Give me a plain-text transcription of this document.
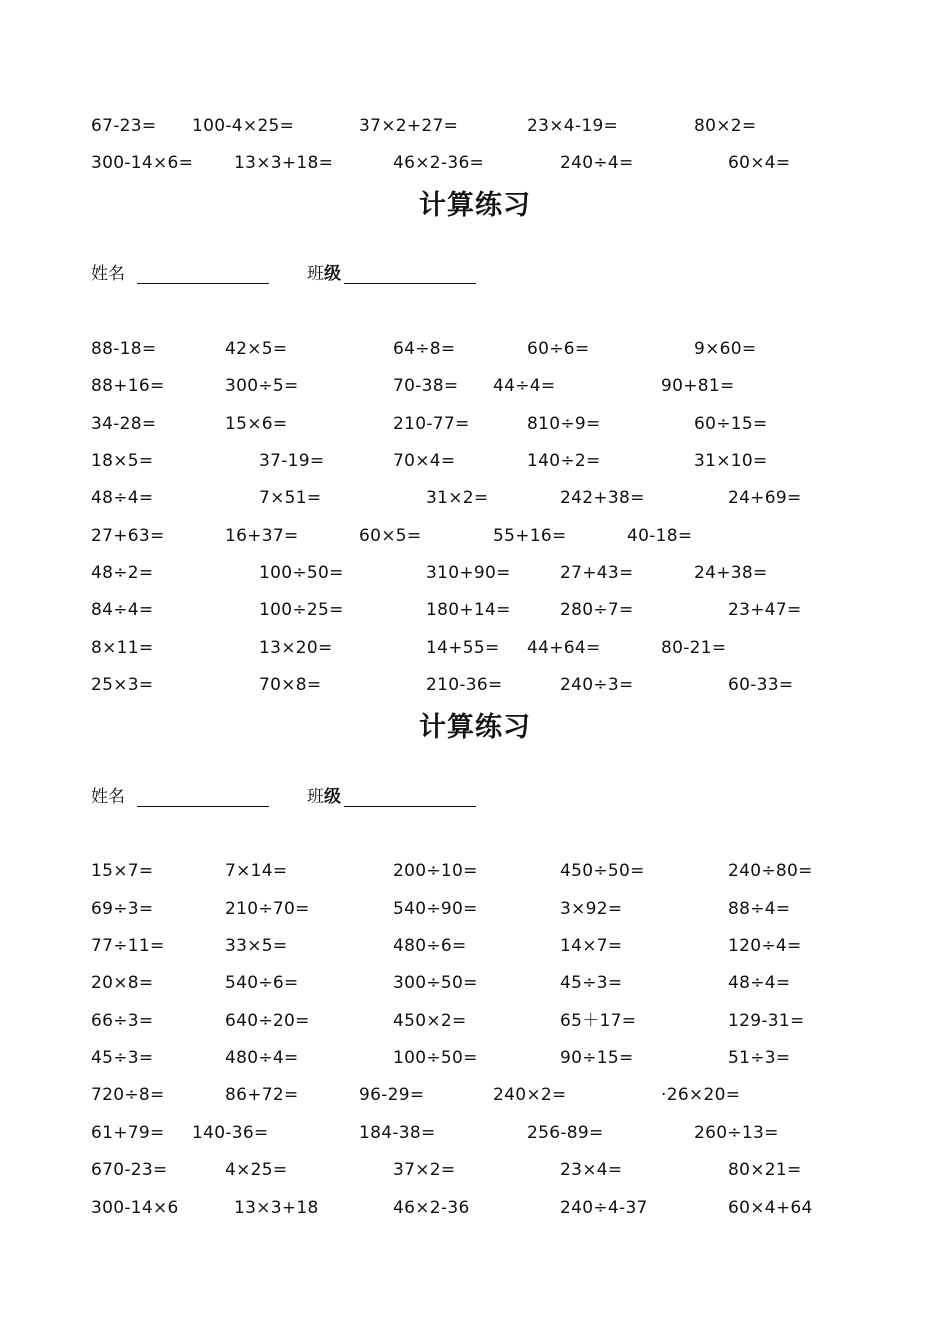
67-23= 100-4×25=	37×2+27=	23×4-19=	80×2=
300-14×6= 13×3+18=	46×2-36=	240÷4=	60×4=
计算练习
姓名	班级
88-18=	42×5=	64÷8=	60÷6=	9×60=
88+16=	300÷5=	70-38= 44÷4=	90+81=
34-28=	15×6=	210-77=	810÷9=	60÷15=
18×5=	37-19=	70×4=	140÷2=	31×10=
48÷4=	7×51=	31×2=	242+38=	24+69=
27+63=	16+37=	60×5=	55+16=	40-18=
48÷2=	100÷50=	310+90=	27+43=	24+38=
84÷4=	100÷25=	180+14=	280÷7=	23+47=
8×11=	13×20=	14+55= 44+64=	80-21=
25×3=	70×8=	210-36=	240÷3=	60-33=
计算练习
姓名	班级
15×7=	7×14=	200÷10=	450÷50=	240÷80=
69÷3=	210÷70=	540÷90=	3×92=	88÷4=
77÷11=	33×5=	480÷6=	14×7=	120÷4=
20×8=	540÷6=	300÷50=	45÷3=	48÷4=
66÷3=	640÷20=	450×2=	65＋17=	129-31=
45÷3=	480÷4=	100÷50=	90÷15=	51÷3=
720÷8=	86+72=	96-29=	240×2=	·26×20=
61+79= 140-36=	184-38=	256-89=	260÷13=
670-23=	4×25=	37×2=	23×4=	80×21=
300-14×6	13×3+18	46×2-36	240÷4-37	60×4+64
